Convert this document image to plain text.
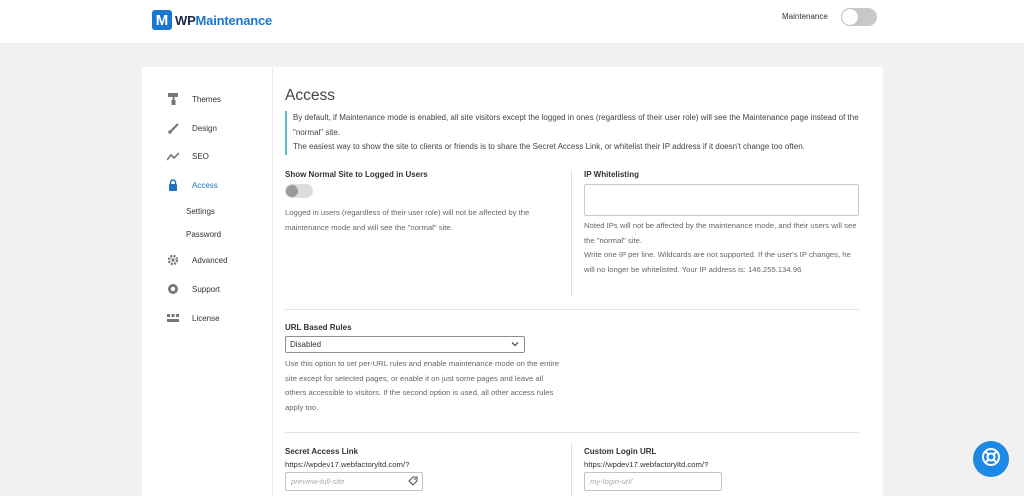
M WPMaintenance	Maintenance
Themes
Design
SEO
Access
Settings
Password
Advanced
Support
License
Access
By default, if Maintenance mode is enabled, all site visitors except the logged in ones (regardless of their user role) will see the Maintenance page instead of the "normal" site.
The easiest way to show the site to clients or friends is to share the Secret Access Link, or whitelist their IP address if it doesn't change too often.
Show Normal Site to Logged in Users
Logged in users (regardless of their user role) will not be affected by the maintenance mode and will see the "normal" site.
IP Whitelisting
Noted IPs will not be affected by the maintenance mode, and their users will see the "normal" site.
Write one IP per line. Wildcards are not supported. If the user's IP changes, he will no longer be whitelisted. Your IP address is: 146.255.134.96
URL Based Rules
Disabled
Use this option to set per-URL rules and enable maintenance mode on the entire site except for selected pages, or enable it on just some pages and leave all others accessible to visitors. If the second option is used, all other access rules apply too.
Secret Access Link
https://wpdev17.webfactoryltd.com/?
preview-full-site
Custom Login URL
https://wpdev17.webfactoryltd.com/?
my-login-url/
